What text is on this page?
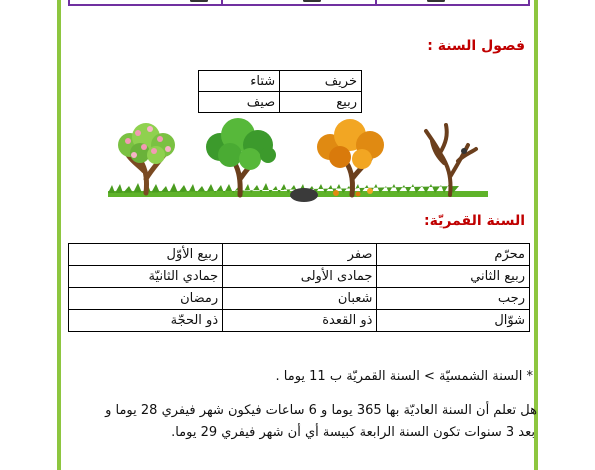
فصول السنة :
خريف	شتاء
ربيع	صيف
السنة القمريّة:
محرّم	صفر	ربيع الأوّل
ربيع الثاني	جمادى الأولى	جمادي الثانيّة
رجب	شعبان	رمضان
شوّال	ذو القعدة	ذو الحجّة
* السنة الشمسيّة > السنة القمريّة ب 11 يوما .
هل تعلم أن السنة العاديّة بها 365 يوما و 6 ساعات فيكون شهر فيفري 28 يوما و
بعد 3 سنوات تكون السنة الرابعة كبيسة أي أن شهر فيفري 29 يوما.
